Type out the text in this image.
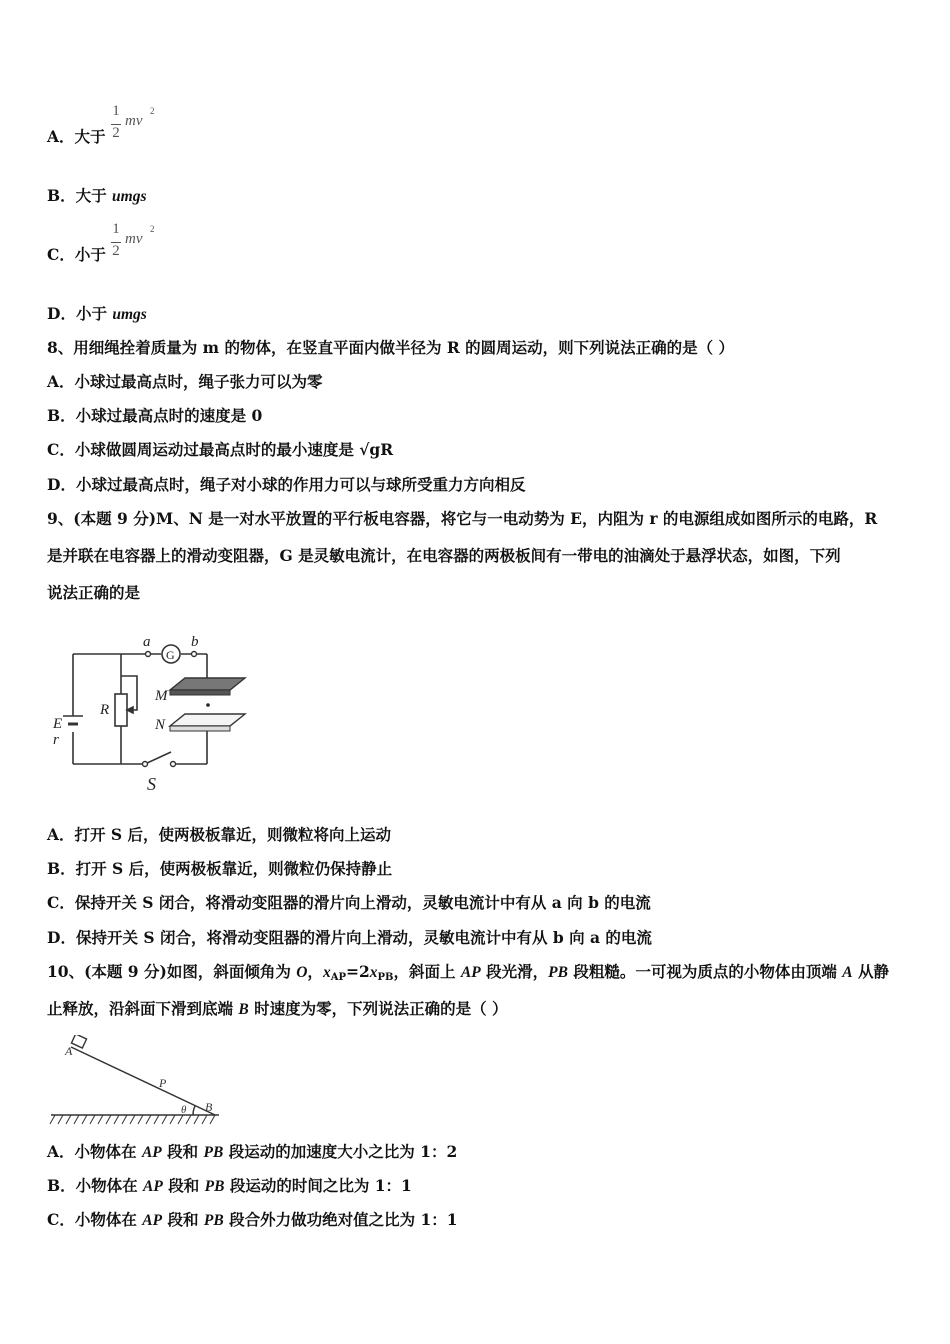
A．大于
1
2
mv
2
B．大于 umgs
C．小于
1
2
mv
2
D．小于 umgs
8、用细绳拴着质量为 m 的物体，在竖直平面内做半径为 R 的圆周运动，则下列说法正确的是（ ）
A．小球过最高点时，绳子张力可以为零
B．小球过最高点时的速度是 0
C．小球做圆周运动过最高点时的最小速度是 √gR
D．小球过最高点时，绳子对小球的作用力可以与球所受重力方向相反
9、(本题 9 分)M、N 是一对水平放置的平行板电容器，将它与一电动势为 E，内阻为 r 的电源组成如图所示的电路，R
是并联在电容器上的滑动变阻器，G 是灵敏电流计，在电容器的两极板间有一带电的油滴处于悬浮状态，如图，下列
说法正确的是
a	b
G
M
N
R
E
r
S
A．打开 S 后，使两极板靠近，则微粒将向上运动
B．打开 S 后，使两极板靠近，则微粒仍保持静止
C．保持开关 S 闭合，将滑动变阻器的滑片向上滑动，灵敏电流计中有从 a 向 b 的电流
D．保持开关 S 闭合，将滑动变阻器的滑片向上滑动，灵敏电流计中有从 b 向 a 的电流
10、(本题 9 分)如图，斜面倾角为 O，$x_{AP}=2x_{PB}$，斜面上 AP 段光滑，PB 段粗糙。一可视为质点的小物体由顶端 A 从静
止释放，沿斜面下滑到底端 B 时速度为零，下列说法正确的是（ ）
A
P
θ B
A．小物体在 AP 段和 PB 段运动的加速度大小之比为 1：2
B．小物体在 AP 段和 PB 段运动的时间之比为 1：1
C．小物体在 AP 段和 PB 段合外力做功绝对值之比为 1：1
